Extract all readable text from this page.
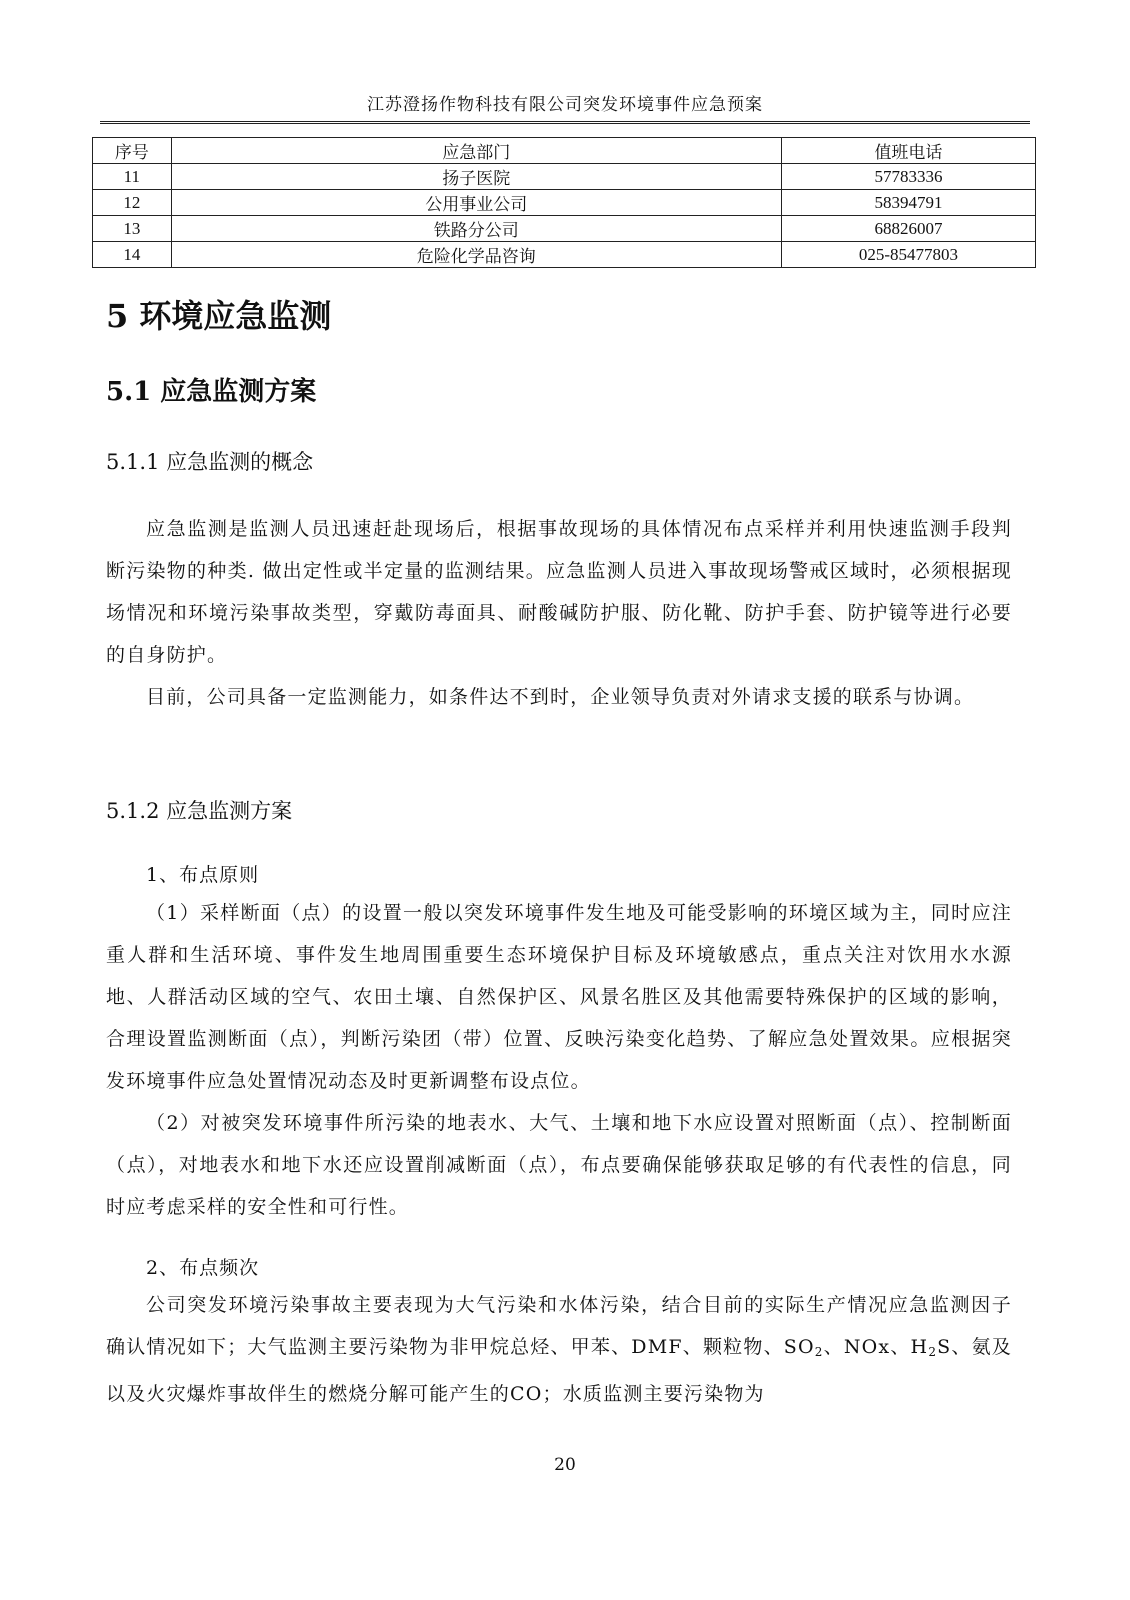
江苏澄扬作物科技有限公司突发环境事件应急预案
序号	应急部门	值班电话
11	扬子医院	57783336
12	公用事业公司	58394791
13	铁路分公司	68826007
14	危险化学品咨询	025-85477803
5 环境应急监测
5.1 应急监测方案
5.1.1 应急监测的概念

应急监测是监测人员迅速赶赴现场后，根据事故现场的具体情况布点采样并利用快速监测手段判断污染物的种类. 做出定性或半定量的监测结果。应急监测人员进入事故现场警戒区域时，必须根据现场情况和环境污染事故类型，穿戴防毒面具、耐酸碱防护服、防化靴、防护手套、防护镜等进行必要的自身防护。

目前，公司具备一定监测能力，如条件达不到时，企业领导负责对外请求支援的联系与协调。

5.1.2 应急监测方案
1、布点原则

（1）采样断面（点）的设置一般以突发环境事件发生地及可能受影响的环境区域为主，同时应注重人群和生活环境、事件发生地周围重要生态环境保护目标及环境敏感点，重点关注对饮用水水源地、人群活动区域的空气、农田土壤、自然保护区、风景名胜区及其他需要特殊保护的区域的影响，合理设置监测断面（点），判断污染团（带）位置、反映污染变化趋势、了解应急处置效果。应根据突发环境事件应急处置情况动态及时更新调整布设点位。

（2）对被突发环境事件所污染的地表水、大气、土壤和地下水应设置对照断面（点）、控制断面（点），对地表水和地下水还应设置削减断面（点），布点要确保能够获取足够的有代表性的信息，同时应考虑采样的安全性和可行性。

2、布点频次

公司突发环境污染事故主要表现为大气污染和水体污染，结合目前的实际生产情况应急监测因子确认情况如下；大气监测主要污染物为非甲烷总烃、甲苯、DMF、颗粒物、$SO_2$、NOx、$H_2S$、氨及以及火灾爆炸事故伴生的燃烧分解可能产生的CO；水质监测主要污染物为

20
